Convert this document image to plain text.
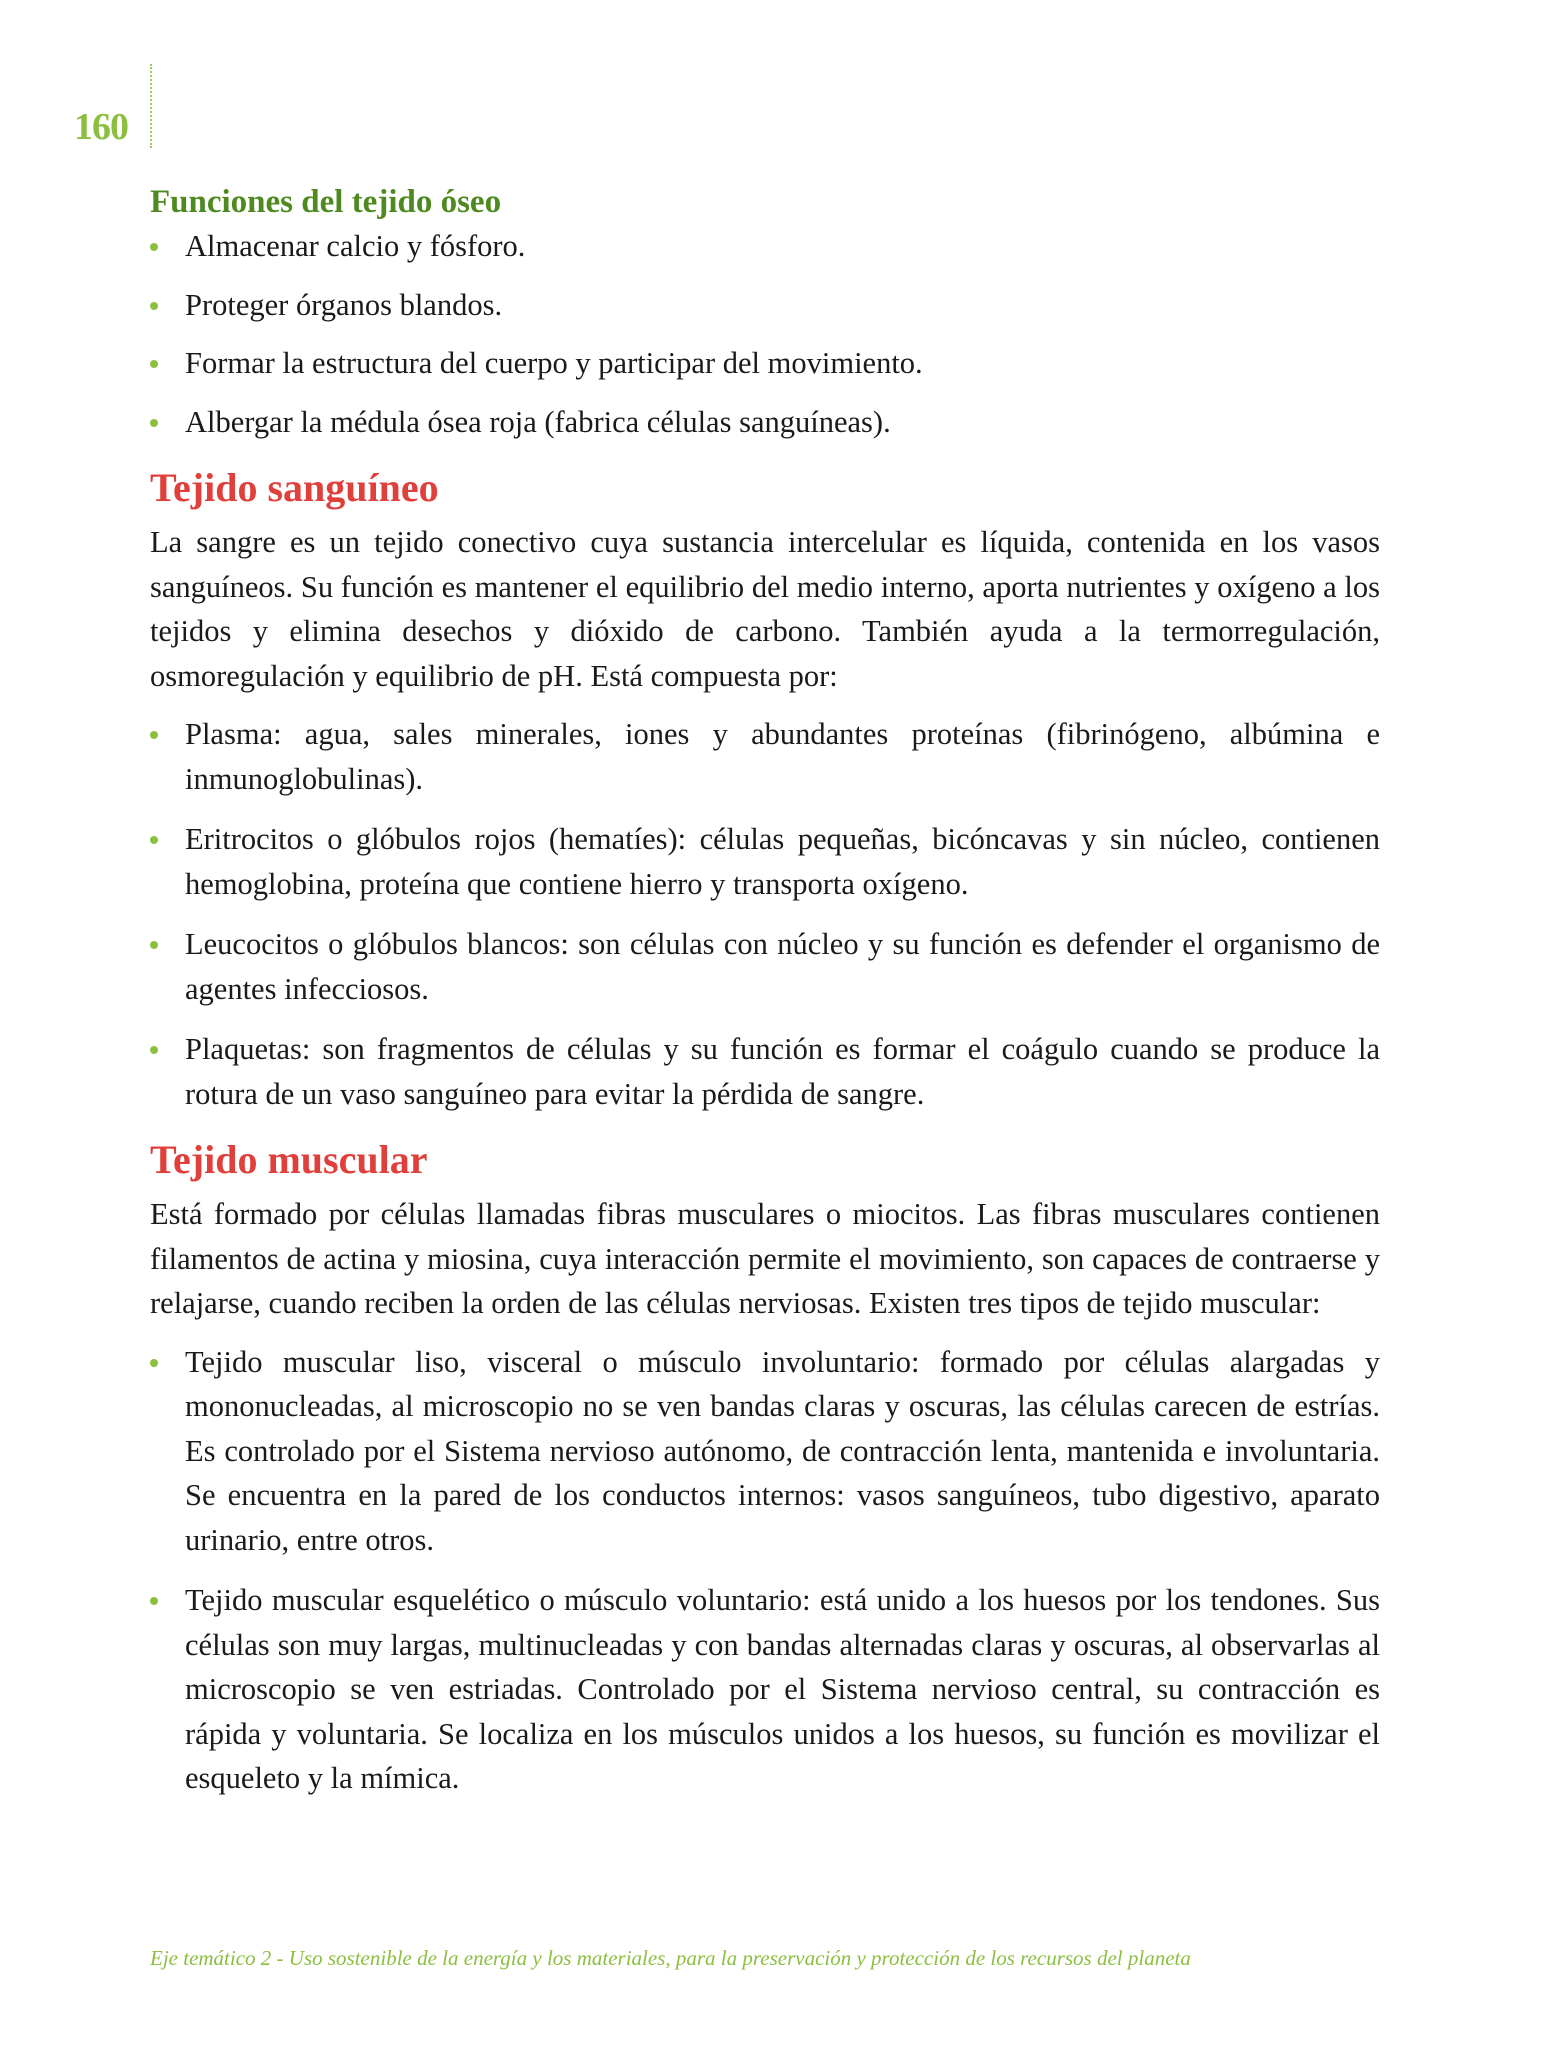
160
Funciones del tejido óseo
Almacenar calcio y fósforo.
Proteger órganos blandos.
Formar la estructura del cuerpo y participar del movimiento.
Albergar la médula ósea roja (fabrica células sanguíneas).
Tejido sanguíneo

La sangre es un tejido conectivo cuya sustancia intercelular es líquida, contenida en los vasos sanguíneos. Su función es mantener el equilibrio del medio interno, aporta nutrientes y oxígeno a los tejidos y elimina desechos y dióxido de carbono. También ayuda a la termorregulación, osmoregulación y equilibrio de pH. Está compuesta por:

Plasma: agua, sales minerales, iones y abundantes proteínas (fibrinógeno, albúmina e inmunoglobulinas).
Eritrocitos o glóbulos rojos (hematíes): células pequeñas, bicóncavas y sin núcleo, contienen hemoglobina, proteína que contiene hierro y transporta oxígeno.
Leucocitos o glóbulos blancos: son células con núcleo y su función es defender el organismo de agentes infecciosos.
Plaquetas: son fragmentos de células y su función es formar el coágulo cuando se produce la rotura de un vaso sanguíneo para evitar la pérdida de sangre.
Tejido muscular

Está formado por células llamadas fibras musculares o miocitos. Las fibras musculares contienen filamentos de actina y miosina, cuya interacción permite el movimiento, son capaces de contraerse y relajarse, cuando reciben la orden de las células nerviosas. Existen tres tipos de tejido muscular:

Tejido muscular liso, visceral o músculo involuntario: formado por células alargadas y mononucleadas, al microscopio no se ven bandas claras y oscuras, las células carecen de estrías. Es controlado por el Sistema nervioso autónomo, de contracción lenta, mantenida e involuntaria. Se encuentra en la pared de los conductos internos: vasos sanguíneos, tubo digestivo, aparato urinario, entre otros.
Tejido muscular esquelético o músculo voluntario: está unido a los huesos por los tendones. Sus células son muy largas, multinucleadas y con bandas alternadas claras y oscuras, al observarlas al microscopio se ven estriadas. Controlado por el Sistema nervioso central, su contracción es rápida y voluntaria. Se localiza en los músculos unidos a los huesos, su función es movilizar el esqueleto y la mímica.
Eje temático 2 - Uso sostenible de la energía y los materiales, para la preservación y protección de los recursos del planeta
